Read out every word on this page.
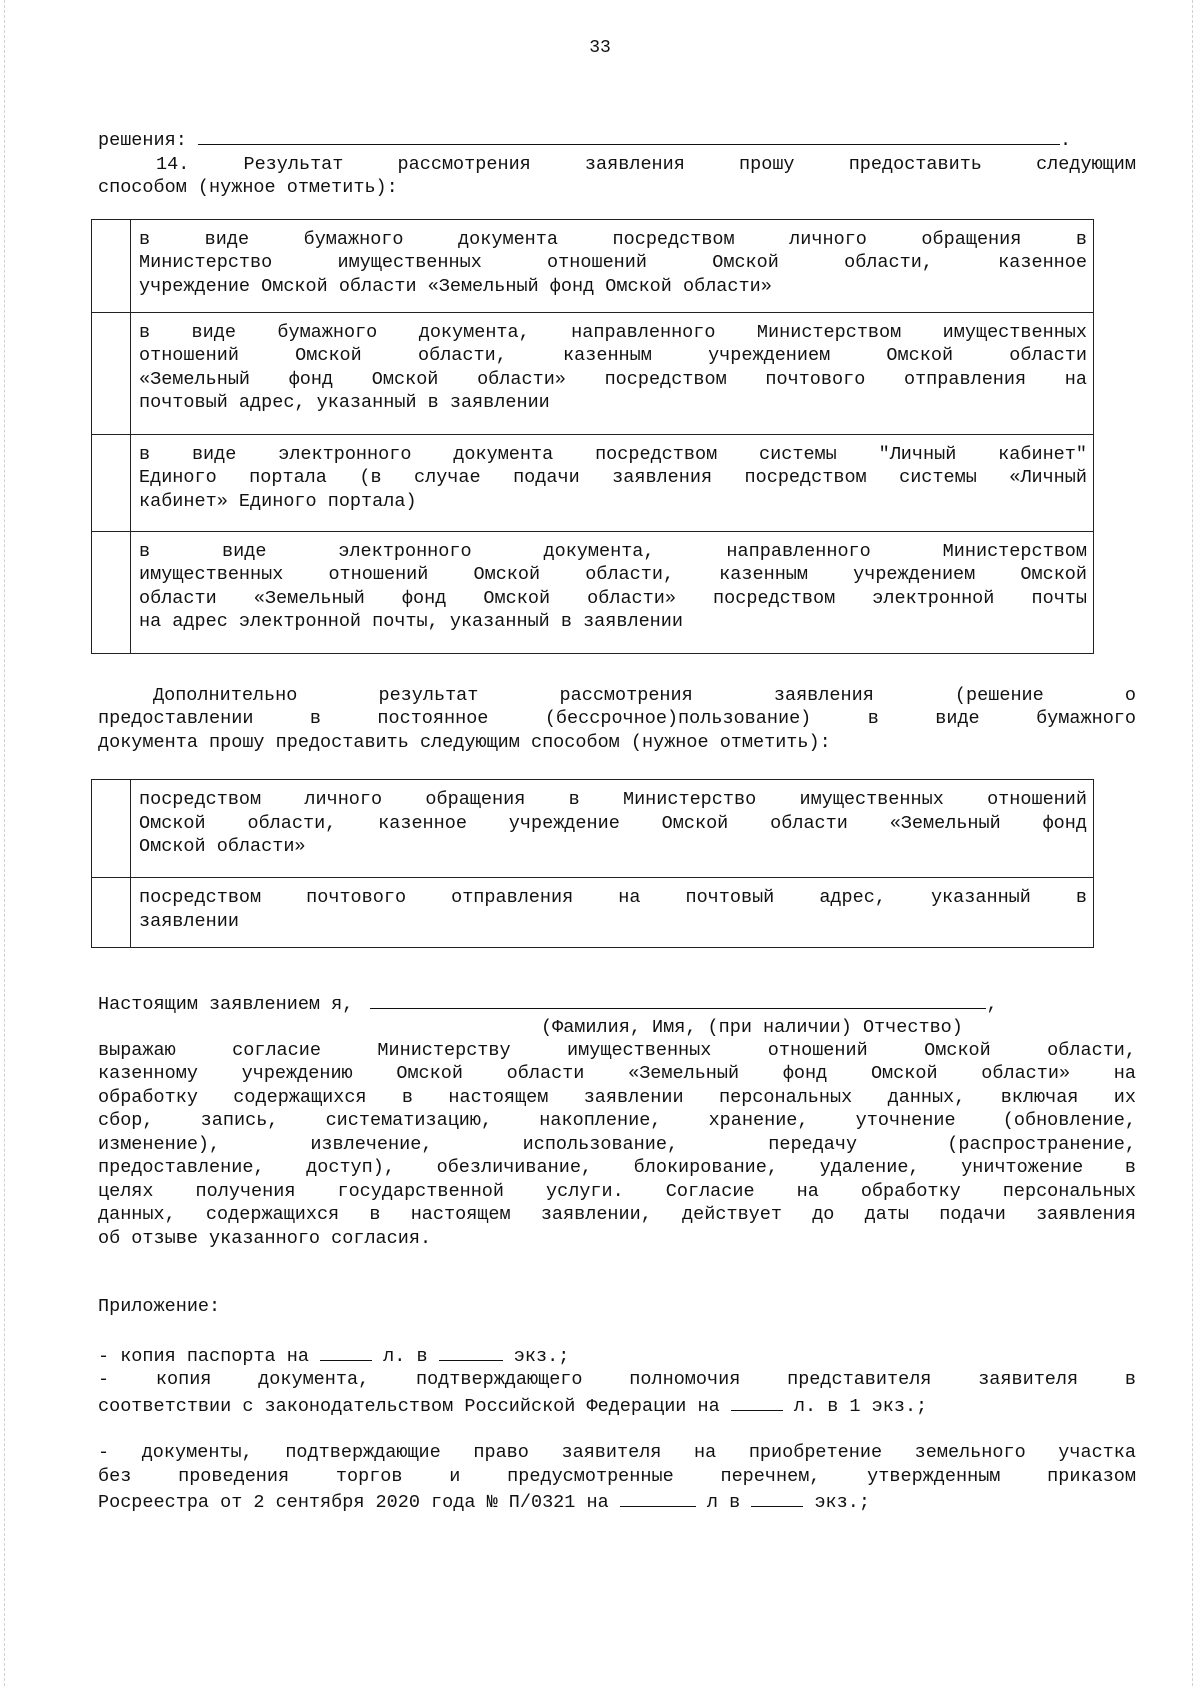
33

решения:	.

14. Результат рассмотрения заявления прошу предоставить следующим

способом (нужное отметить):

	в виде бумажного документа посредством личного обращения в
Министерство имущественных отношений Омской области, казенное
учреждение Омской области «Земельный фонд Омской области»

	в виде бумажного документа, направленного Министерством имущественных
отношений Омской области, казенным учреждением Омской области
«Земельный фонд Омской области» посредством почтового отправления на
почтовый адрес, указанный в заявлении

	в виде электронного документа посредством системы "Личный кабинет"
Единого портала (в случае подачи заявления посредством системы «Личный
кабинет» Единого портала)

	в виде электронного документа, направленного Министерством
имущественных отношений Омской области, казенным учреждением Омской
области «Земельный фонд Омской области» посредством электронной почты
на адрес электронной почты, указанный в заявлении

Дополнительно результат рассмотрения заявления (решение о

предоставлении в постоянное (бессрочное)пользование) в виде бумажного

документа прошу предоставить следующим способом (нужное отметить):

	посредством личного обращения в Министерство имущественных отношений
Омской области, казенное учреждение Омской области «Земельный фонд
Омской области»

	посредством почтового отправления на почтовый адрес, указанный в
заявлении

Настоящим заявлением я,	,

(Фамилия, Имя, (при наличии) Отчество)

выражаю согласие Министерству имущественных отношений Омской области,

казенному учреждению Омской области «Земельный фонд Омской области» на

обработку содержащихся в настоящем заявлении персональных данных, включая их

сбор, запись, систематизацию, накопление, хранение, уточнение (обновление,

изменение), извлечение, использование, передачу (распространение,

предоставление, доступ), обезличивание, блокирование, удаление, уничтожение в

целях получения государственной услуги. Согласие на обработку персональных

данных, содержащихся в настоящем заявлении, действует до даты подачи заявления

об отзыве указанного согласия.

Приложение:

- копия паспорта на	л. в	экз.;

- копия документа, подтверждающего полномочия представителя заявителя в

соответствии с законодательством Российской Федерации на	л. в 1 экз.;

- документы, подтверждающие право заявителя на приобретение земельного участка

без проведения торгов и предусмотренные перечнем, утвержденным приказом

Росреестра от 2 сентября 2020 года № П/0321 на	л в	экз.;
